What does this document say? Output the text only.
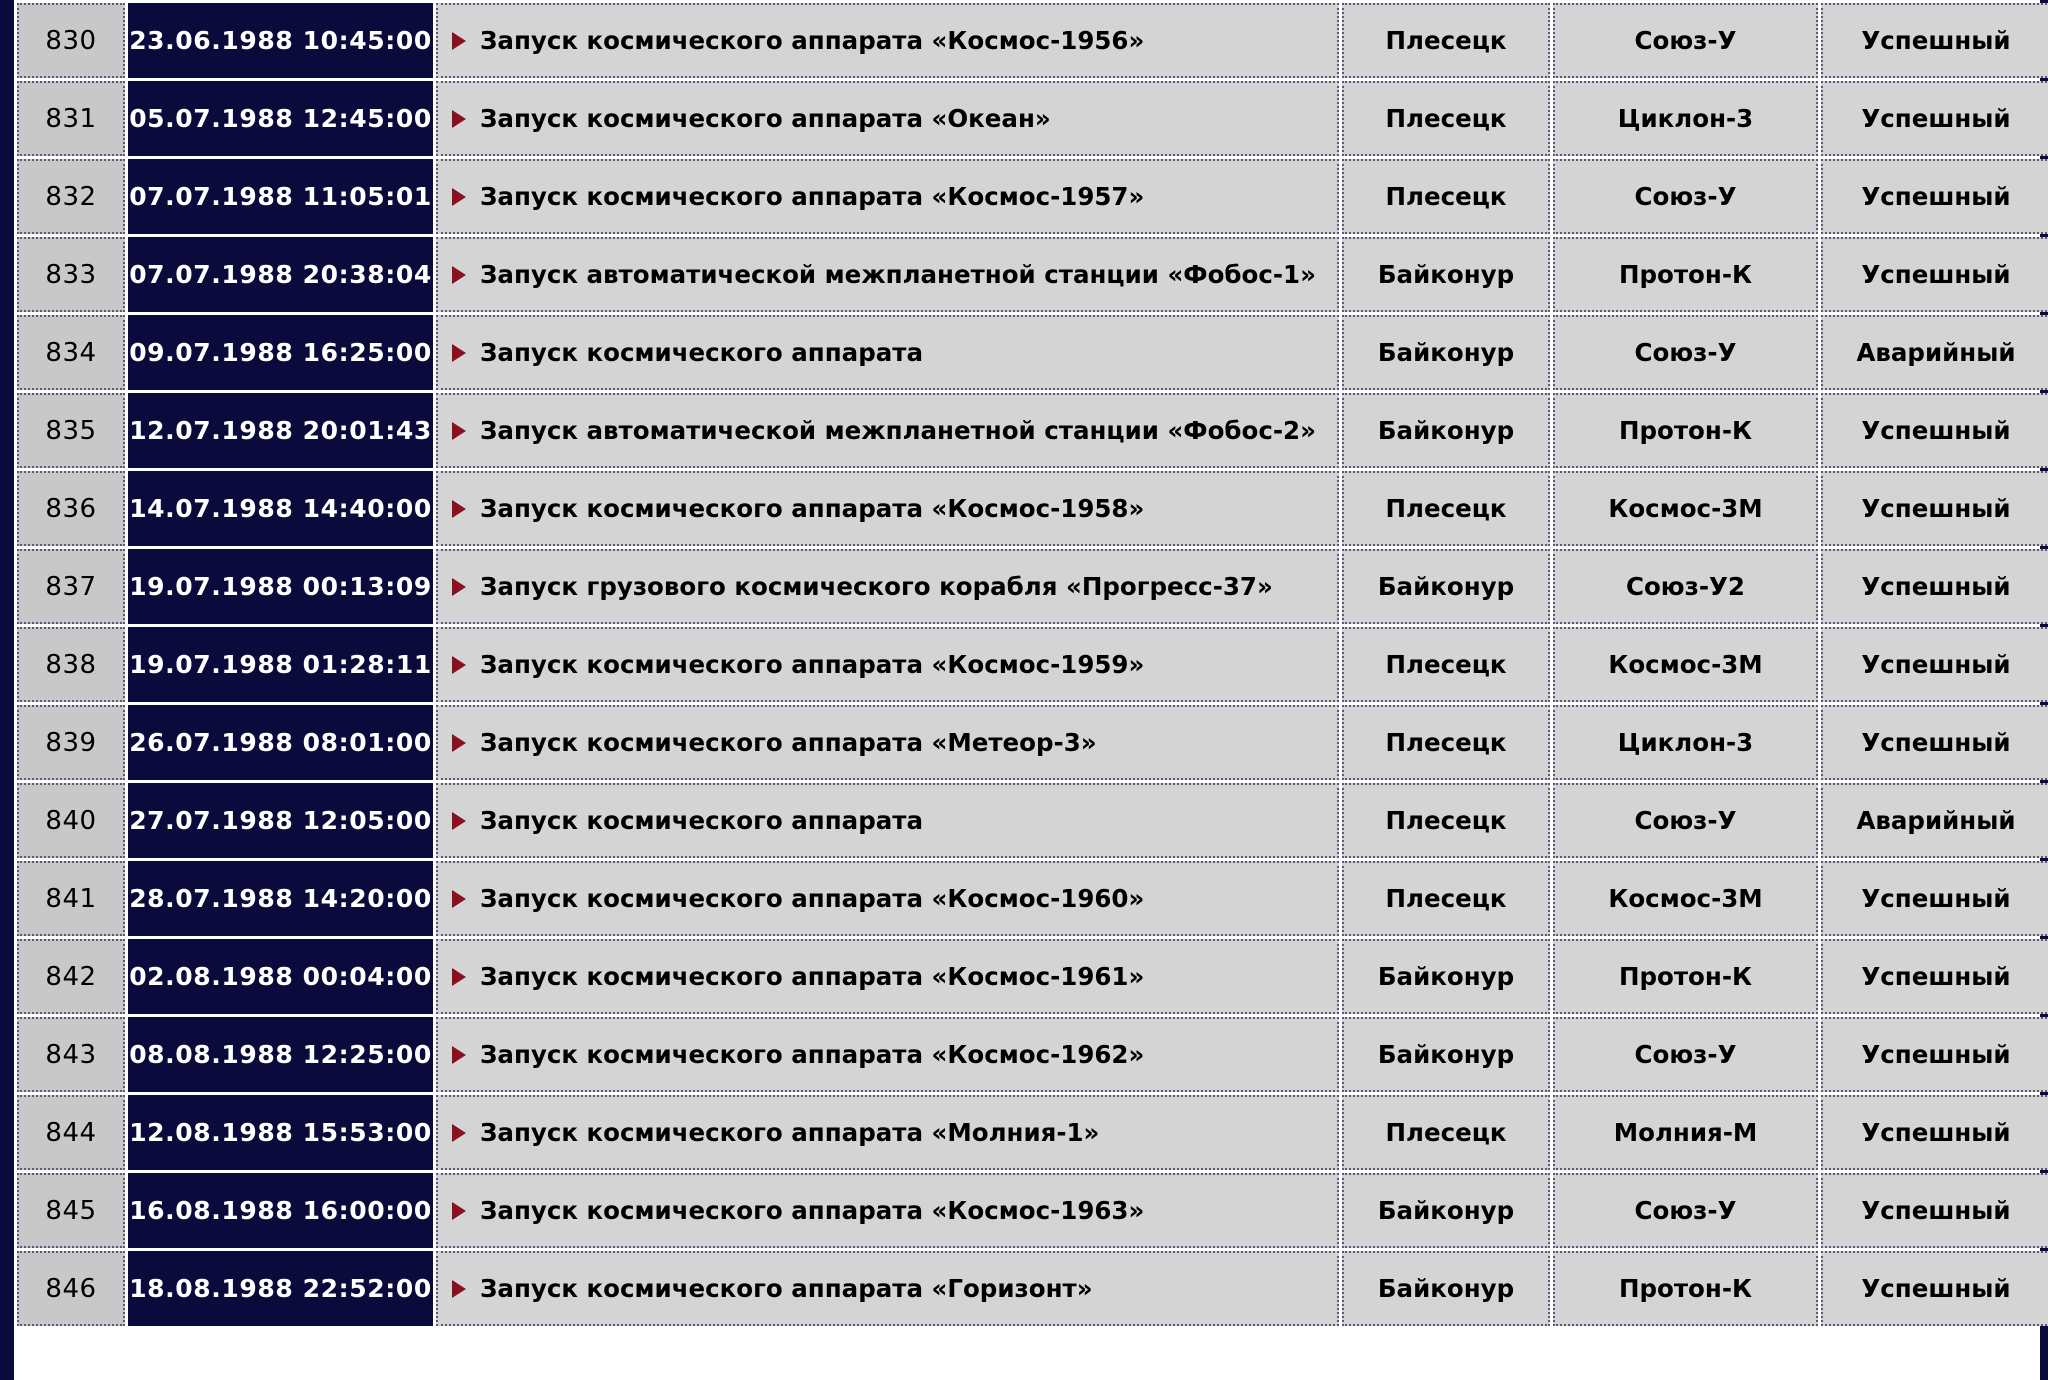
830	23.06.1988 10:45:00	Запуск космического аппарата «Космос-1956»	Плесецк	Союз-У	Успешный

831	05.07.1988 12:45:00	Запуск космического аппарата «Океан»	Плесецк	Циклон-3	Успешный

832	07.07.1988 11:05:01	Запуск космического аппарата «Космос-1957»	Плесецк	Союз-У	Успешный

833	07.07.1988 20:38:04	Запуск автоматической межпланетной станции «Фобос-1»	Байконур	Протон-К	Успешный

834	09.07.1988 16:25:00	Запуск космического аппарата	Байконур	Союз-У	Аварийный

835	12.07.1988 20:01:43	Запуск автоматической межпланетной станции «Фобос-2»	Байконур	Протон-К	Успешный

836	14.07.1988 14:40:00	Запуск космического аппарата «Космос-1958»	Плесецк	Космос-3М	Успешный

837	19.07.1988 00:13:09	Запуск грузового космического корабля «Прогресс-37»	Байконур	Союз-У2	Успешный

838	19.07.1988 01:28:11	Запуск космического аппарата «Космос-1959»	Плесецк	Космос-3М	Успешный

839	26.07.1988 08:01:00	Запуск космического аппарата «Метеор-3»	Плесецк	Циклон-3	Успешный

840	27.07.1988 12:05:00	Запуск космического аппарата	Плесецк	Союз-У	Аварийный

841	28.07.1988 14:20:00	Запуск космического аппарата «Космос-1960»	Плесецк	Космос-3М	Успешный

842	02.08.1988 00:04:00	Запуск космического аппарата «Космос-1961»	Байконур	Протон-К	Успешный

843	08.08.1988 12:25:00	Запуск космического аппарата «Космос-1962»	Байконур	Союз-У	Успешный

844	12.08.1988 15:53:00	Запуск космического аппарата «Молния-1»	Плесецк	Молния-М	Успешный

845	16.08.1988 16:00:00	Запуск космического аппарата «Космос-1963»	Байконур	Союз-У	Успешный

846	18.08.1988 22:52:00	Запуск космического аппарата «Горизонт»	Байконур	Протон-К	Успешный
